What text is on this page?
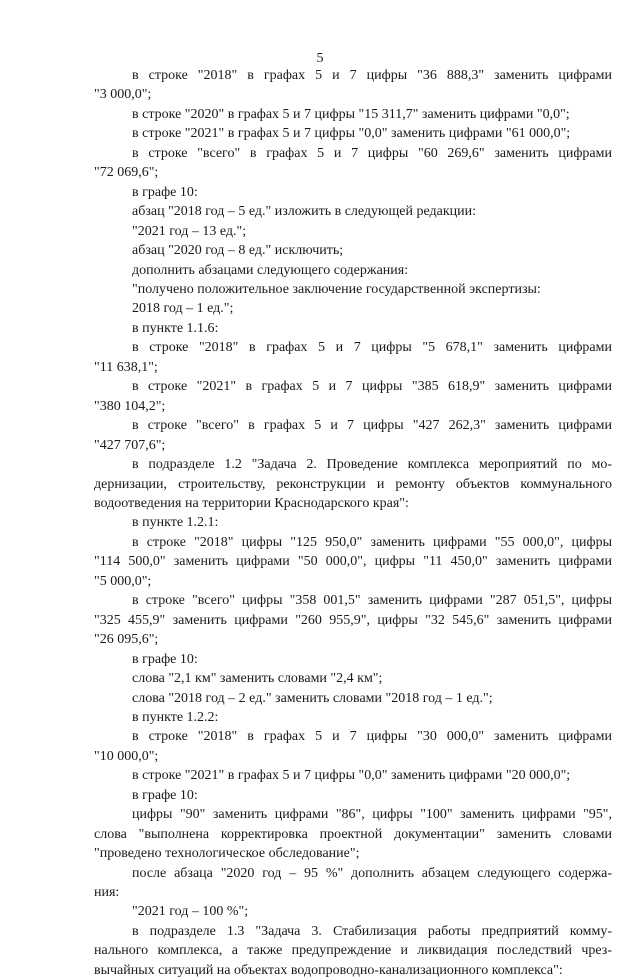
5
в строке "2018" в графах 5 и 7 цифры "36 888,3" заменить цифрами
"3 000,0";
в строке "2020" в графах 5 и 7 цифры "15 311,7" заменить цифрами "0,0";
в строке "2021" в графах 5 и 7 цифры "0,0" заменить цифрами "61 000,0";
в строке "всего" в графах 5 и 7 цифры "60 269,6" заменить цифрами
"72 069,6";
в графе 10:
абзац "2018 год – 5 ед." изложить в следующей редакции:
"2021 год – 13 ед.";
абзац "2020 год – 8 ед." исключить;
дополнить абзацами следующего содержания:
"получено положительное заключение государственной экспертизы:
2018 год – 1 ед.";
в пункте 1.1.6:
в строке "2018" в графах 5 и 7 цифры "5 678,1" заменить цифрами
"11 638,1";
в строке "2021" в графах 5 и 7 цифры "385 618,9" заменить цифрами
"380 104,2";
в строке "всего" в графах 5 и 7 цифры "427 262,3" заменить цифрами
"427 707,6";
в подразделе 1.2 "Задача 2. Проведение комплекса мероприятий по мо-
дернизации, строительству, реконструкции и ремонту объектов коммунального
водоотведения на территории Краснодарского края":
в пункте 1.2.1:
в строке "2018" цифры "125 950,0" заменить цифрами "55 000,0", цифры
"114 500,0" заменить цифрами "50 000,0", цифры "11 450,0" заменить цифрами
"5 000,0";
в строке "всего" цифры "358 001,5" заменить цифрами "287 051,5", цифры
"325 455,9" заменить цифрами "260 955,9", цифры "32 545,6" заменить цифрами
"26 095,6";
в графе 10:
слова "2,1 км" заменить словами "2,4 км";
слова "2018 год – 2 ед." заменить словами "2018 год – 1 ед.";
в пункте 1.2.2:
в строке "2018" в графах 5 и 7 цифры "30 000,0" заменить цифрами
"10 000,0";
в строке "2021" в графах 5 и 7 цифры "0,0" заменить цифрами "20 000,0";
в графе 10:
цифры "90" заменить цифрами "86", цифры "100" заменить цифрами "95",
слова "выполнена корректировка проектной документации" заменить словами
"проведено технологическое обследование";
после абзаца "2020 год – 95 %" дополнить абзацем следующего содержа-
ния:
"2021 год – 100 %";
в подразделе 1.3 "Задача 3. Стабилизация работы предприятий комму-
нального комплекса, а также предупреждение и ликвидация последствий чрез-
вычайных ситуаций на объектах водопроводно-канализационного комплекса":
